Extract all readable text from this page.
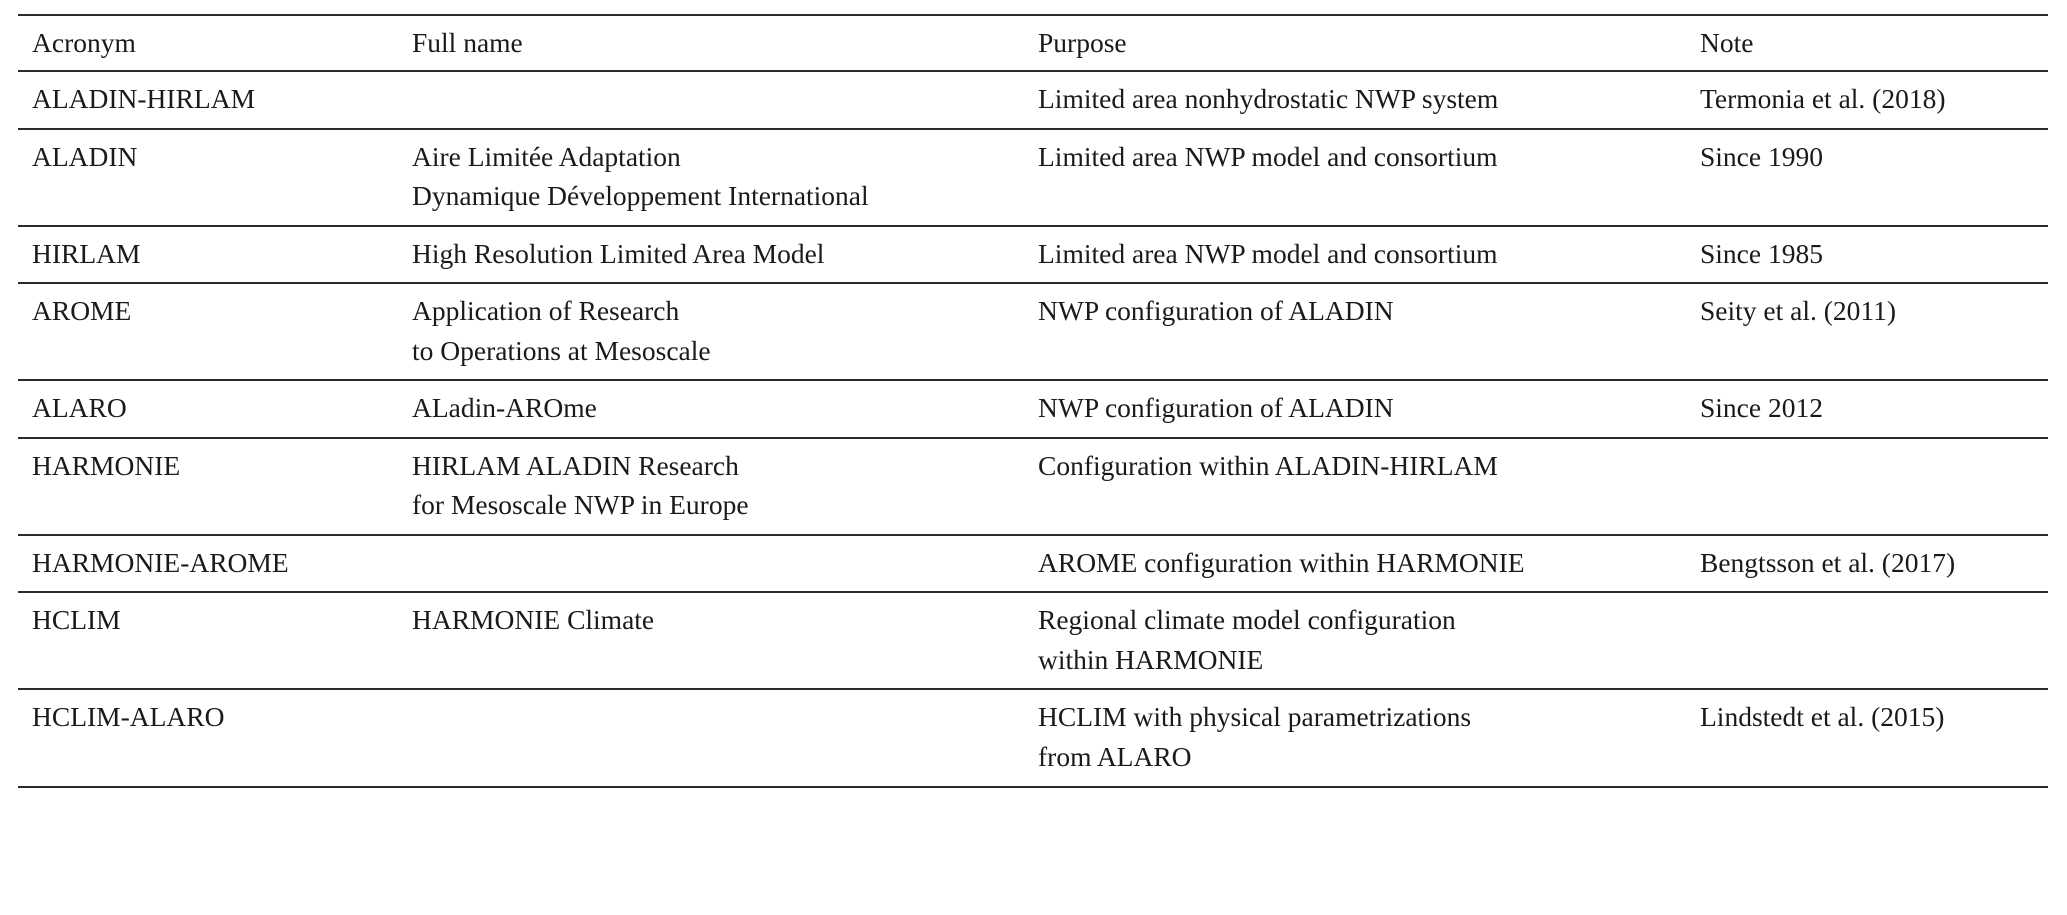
Acronym	Full name	Purpose	Note

ALADIN-HIRLAM		Limited area nonhydrostatic NWP system	Termonia et al. (2018)

ALADIN	Aire Limitée Adaptation
Dynamique Développement International	Limited area NWP model and consortium	Since 1990

HIRLAM	High Resolution Limited Area Model	Limited area NWP model and consortium	Since 1985

AROME	Application of Research
to Operations at Mesoscale	NWP configuration of ALADIN	Seity et al. (2011)

ALARO	ALadin-AROme	NWP configuration of ALADIN	Since 2012

HARMONIE	HIRLAM ALADIN Research
for Mesoscale NWP in Europe	Configuration within ALADIN-HIRLAM	

HARMONIE-AROME		AROME configuration within HARMONIE	Bengtsson et al. (2017)

HCLIM	HARMONIE Climate	Regional climate model configuration
within HARMONIE	

HCLIM-ALARO		HCLIM with physical parametrizations
from ALARO	Lindstedt et al. (2015)
